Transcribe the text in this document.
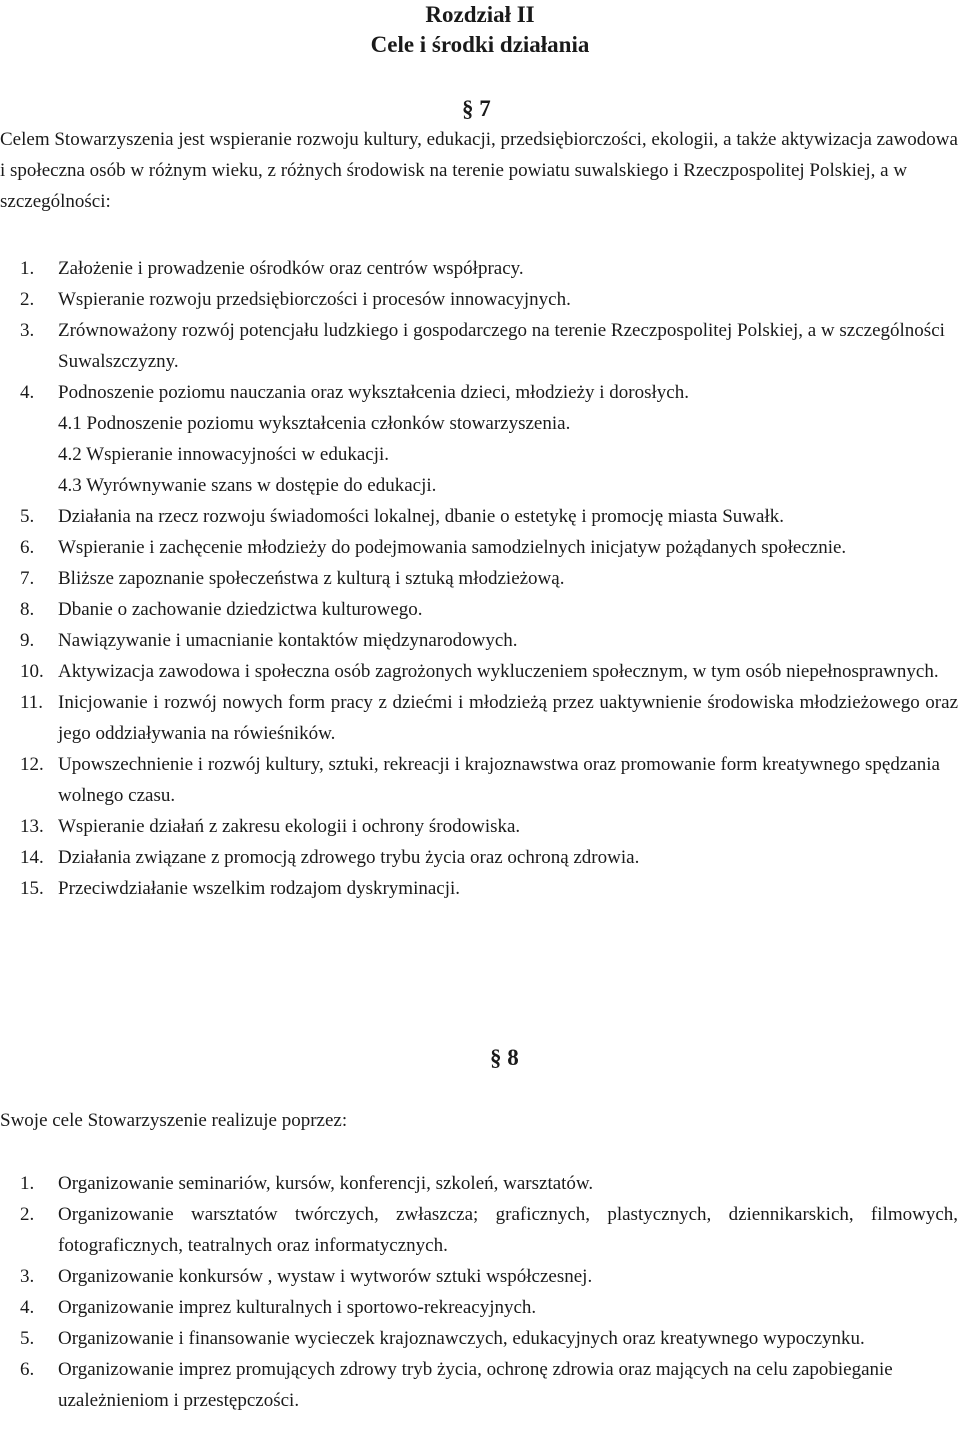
Rozdział II
Cele i środki działania
§ 7

Celem Stowarzyszenia jest wspieranie rozwoju kultury, edukacji, przedsiębiorczości, ekologii, a także aktywizacja zawodowa i społeczna osób w różnym wieku, z różnych środowisk na terenie powiatu suwalskiego i Rzeczpospolitej Polskiej, a w szczególności:

1. Założenie i prowadzenie ośrodków oraz centrów współpracy.
2. Wspieranie rozwoju przedsiębiorczości i procesów innowacyjnych.
3. Zrównoważony rozwój potencjału ludzkiego i gospodarczego na terenie Rzeczpospolitej Polskiej, a w szczególności Suwalszczyzny.
4. Podnoszenie poziomu nauczania oraz wykształcenia dzieci, młodzieży i dorosłych.
4.1 Podnoszenie poziomu wykształcenia członków stowarzyszenia.
4.2 Wspieranie innowacyjności w edukacji.
4.3 Wyrównywanie szans w dostępie do edukacji.
5. Działania na rzecz rozwoju świadomości lokalnej, dbanie o estetykę i promocję miasta Suwałk.
6. Wspieranie i zachęcenie młodzieży do podejmowania samodzielnych inicjatyw pożądanych społecznie.
7. Bliższe zapoznanie społeczeństwa z kulturą i sztuką młodzieżową.
8. Dbanie o zachowanie dziedzictwa kulturowego.
9. Nawiązywanie i umacnianie kontaktów międzynarodowych.
10. Aktywizacja zawodowa i społeczna osób zagrożonych wykluczeniem społecznym, w tym osób niepełnosprawnych.
11. Inicjowanie i rozwój nowych form pracy z dziećmi i młodzieżą przez uaktywnienie środowiska młodzieżowego oraz jego oddziaływania na rówieśników.
12. Upowszechnienie i rozwój kultury, sztuki, rekreacji i krajoznawstwa oraz promowanie form kreatywnego spędzania wolnego czasu.
13. Wspieranie działań z zakresu ekologii i ochrony środowiska.
14. Działania związane z promocją zdrowego trybu życia oraz ochroną zdrowia.
15. Przeciwdziałanie wszelkim rodzajom dyskryminacji.
§ 8

Swoje cele Stowarzyszenie realizuje poprzez:

1. Organizowanie seminariów, kursów, konferencji, szkoleń, warsztatów.
2. Organizowanie warsztatów twórczych, zwłaszcza; graficznych, plastycznych, dziennikarskich, filmowych, fotograficznych, teatralnych oraz informatycznych.
3. Organizowanie konkursów , wystaw i wytworów sztuki współczesnej.
4. Organizowanie imprez kulturalnych i sportowo-rekreacyjnych.
5. Organizowanie i finansowanie wycieczek krajoznawczych, edukacyjnych oraz kreatywnego wypoczynku.
6. Organizowanie imprez promujących zdrowy tryb życia, ochronę zdrowia oraz mających na celu zapobieganie uzależnieniom i przestępczości.
